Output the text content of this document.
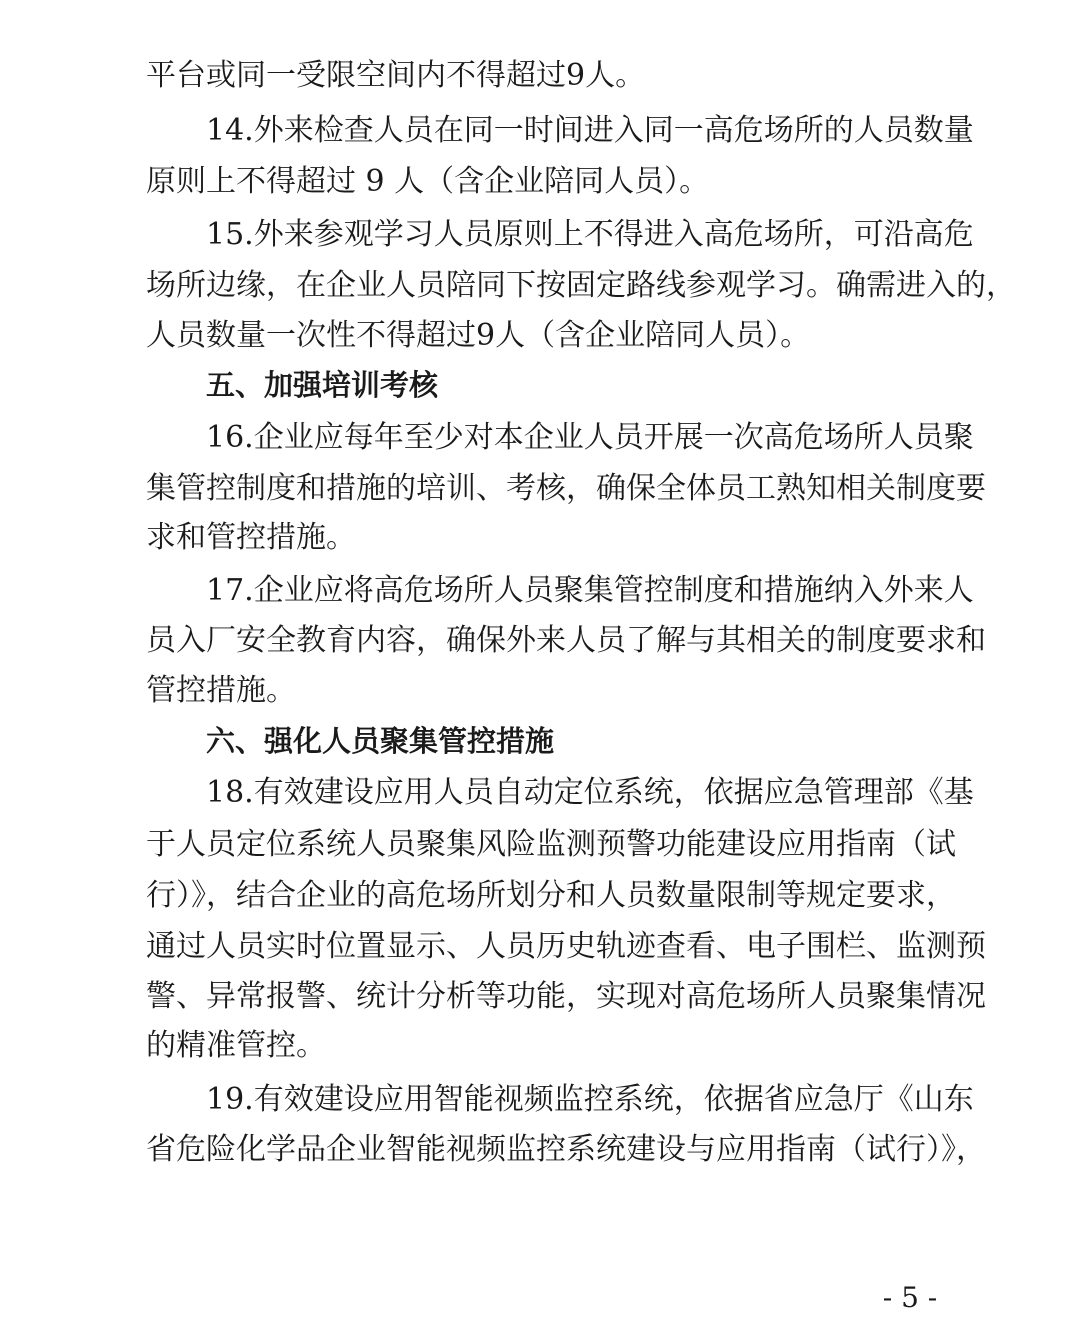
平台或同一受限空间内不得超过9人。
14.外来检查人员在同一时间进入同一高危场所的人员数量
原则上不得超过 9 人（含企业陪同人员）。
15.外来参观学习人员原则上不得进入高危场所，可沿高危
场所边缘，在企业人员陪同下按固定路线参观学习。确需进入的，
人员数量一次性不得超过9人（含企业陪同人员）。
五、加强培训考核
16.企业应每年至少对本企业人员开展一次高危场所人员聚
集管控制度和措施的培训、考核，确保全体员工熟知相关制度要
求和管控措施。
17.企业应将高危场所人员聚集管控制度和措施纳入外来人
员入厂安全教育内容，确保外来人员了解与其相关的制度要求和
管控措施。
六、强化人员聚集管控措施
18.有效建设应用人员自动定位系统，依据应急管理部《基
于人员定位系统人员聚集风险监测预警功能建设应用指南（试
行）》，结合企业的高危场所划分和人员数量限制等规定要求，
通过人员实时位置显示、人员历史轨迹查看、电子围栏、监测预
警、异常报警、统计分析等功能，实现对高危场所人员聚集情况
的精准管控。
19.有效建设应用智能视频监控系统，依据省应急厅《山东
省危险化学品企业智能视频监控系统建设与应用指南（试行）》，
- 5 -
